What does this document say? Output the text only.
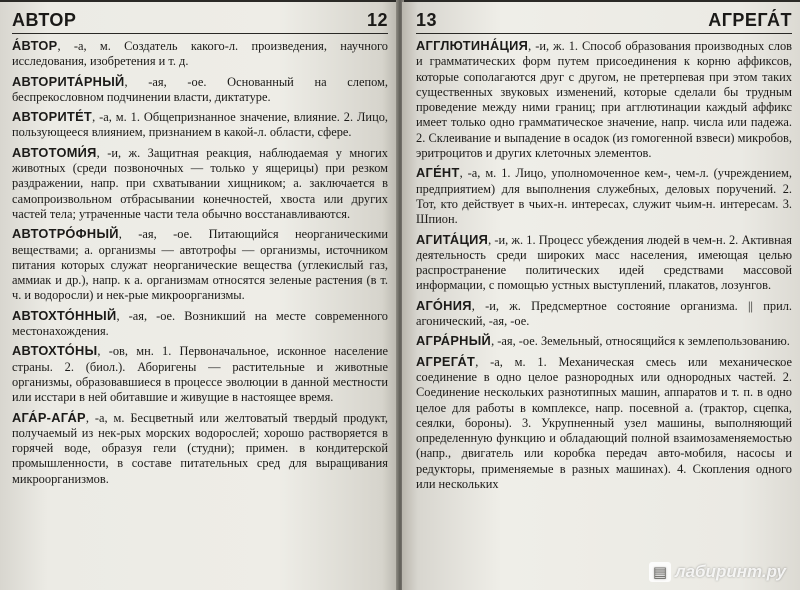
АВТОР	12

А́ВТОР, -а, м. Создатель какого-л. произведения, научного исследования, изобретения и т. д.

АВТОРИТА́РНЫЙ, -ая, -ое. Основанный на слепом, беспрекословном подчинении власти, диктатуре.

АВТОРИТЕ́Т, -а, м. 1. Общепризнанное значение, влияние. 2. Лицо, пользующееся влиянием, признанием в какой-л. области, сфере.

АВТОТОМИ́Я, -и, ж. Защитная реакция, наблюдаемая у многих животных (среди позвоночных — только у ящерицы) при резком раздражении, напр. при схватывании хищником; а. заключается в самопроизвольном отбрасывании конечностей, хвоста или других частей тела; утраченные части тела обычно восстанавливаются.

АВТОТРО́ФНЫЙ, -ая, -ое. Питающийся неорганическими веществами; а. организмы — автотрофы — организмы, источником питания которых служат неорганические вещества (углекислый газ, аммиак и др.), напр. к а. организмам относятся зеленые растения (в т. ч. и водоросли) и нек-рые микроорганизмы.

АВТОХТО́ННЫЙ, -ая, -ое. Возникший на месте современного местонахождения.

АВТОХТО́НЫ, -ов, мн. 1. Первоначальное, исконное население страны. 2. (биол.). Аборигены — растительные и животные организмы, образовавшиеся в процессе эволюции в данной местности или исстари в ней обитавшие и живущие в настоящее время.

АГА́Р-АГА́Р, -а, м. Бесцветный или желтоватый твердый продукт, получаемый из нек-рых морских водорослей; хорошо растворяется в горячей воде, образуя гели (студни); примен. в кондитерской промышленности, в составе питательных сред для выращивания микроорганизмов.

13	АГРЕГА́Т

АГГЛЮТИНА́ЦИЯ, -и, ж. 1. Способ образования производных слов и грамматических форм путем присоединения к корню аффиксов, которые сополагаются друг с другом, не претерпевая при этом таких существенных звуковых изменений, которые сделали бы трудным проведение между ними границ; при агглютинации каждый аффикс имеет только одно грамматическое значение, напр. числа или падежа. 2. Склеивание и выпадение в осадок (из гомогенной взвеси) микробов, эритроцитов и других клеточных элементов.

АГЕ́НТ, -а, м. 1. Лицо, уполномоченное кем-, чем-л. (учреждением, предприятием) для выполнения служебных, деловых поручений. 2. Тот, кто действует в чьих-н. интересах, служит чьим-н. интересам. 3. Шпион.

АГИТА́ЦИЯ, -и, ж. 1. Процесс убеждения людей в чем-н. 2. Активная деятельность среди широких масс населения, имеющая целью распространение политических идей средствами массовой информации, с помощью устных выступлений, плакатов, лозунгов.

АГО́НИЯ, -и, ж. Предсмертное состояние организма. || прил. агонический, -ая, -ое.

АГРА́РНЫЙ, -ая, -ое. Земельный, относящийся к землепользованию.

АГРЕГА́Т, -а, м. 1. Механическая смесь или механическое соединение в одно целое разнородных или однородных частей. 2. Соединение нескольких разнотипных машин, аппаратов и т. п. в одно целое для работы в комплексе, напр. посевной а. (трактор, сцепка, сеялки, бороны). 3. Укрупненный узел машины, выполняющий определенную функцию и обладающий полной взаимозаменяемостью (напр., двигатель или коробка передач авто-мобиля, насосы и редукторы, применяемые в разных машинах). 4. Скопления одного или нескольких

▤ лабиринт.ру
